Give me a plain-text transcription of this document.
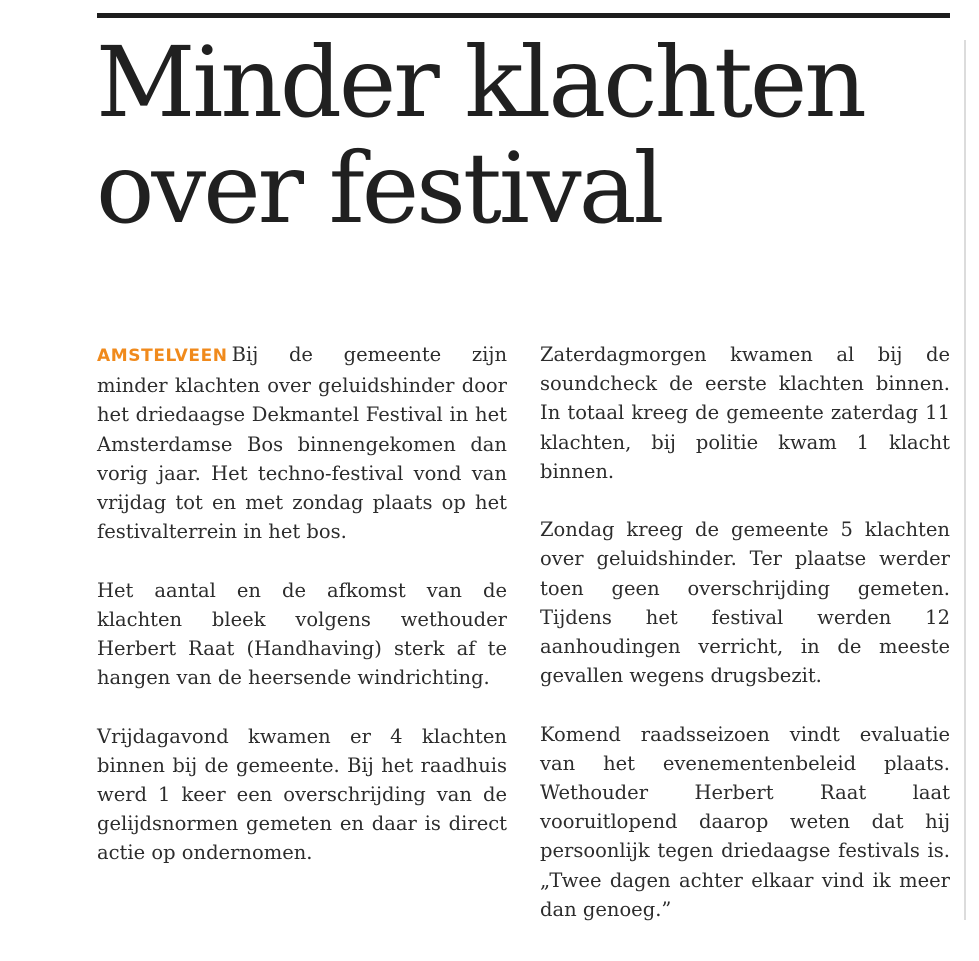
Minder klachten over festival

AMSTELVEEN Bij de gemeente zijn minder klachten over geluidshinder door het driedaagse Dekmantel Festival in het Amsterdamse Bos binnengekomen dan vorig jaar. Het techno-festival vond van vrijdag tot en met zondag plaats op het festivalterrein in het bos.

Het aantal en de afkomst van de klachten bleek volgens wethouder Herbert Raat (Handhaving) sterk af te hangen van de heersende windrichting.

Vrijdagavond kwamen er 4 klachten binnen bij de gemeente. Bij het raadhuis werd 1 keer een overschrijding van de gelijdsnormen gemeten en daar is direct actie op ondernomen.

Zaterdagmorgen kwamen al bij de soundcheck de eerste klachten binnen. In totaal kreeg de gemeente zaterdag 11 klachten, bij politie kwam 1 klacht binnen.

Zondag kreeg de gemeente 5 klachten over geluidshinder. Ter plaatse werder toen geen overschrijding gemeten. Tijdens het festival werden 12 aanhoudingen verricht, in de meeste gevallen wegens drugsbezit.

Komend raadsseizoen vindt evaluatie van het evenementenbeleid plaats. Wethouder Herbert Raat laat vooruitlopend daarop weten dat hij persoonlijk tegen driedaagse festivals is. „Twee dagen achter elkaar vind ik meer dan genoeg.”
